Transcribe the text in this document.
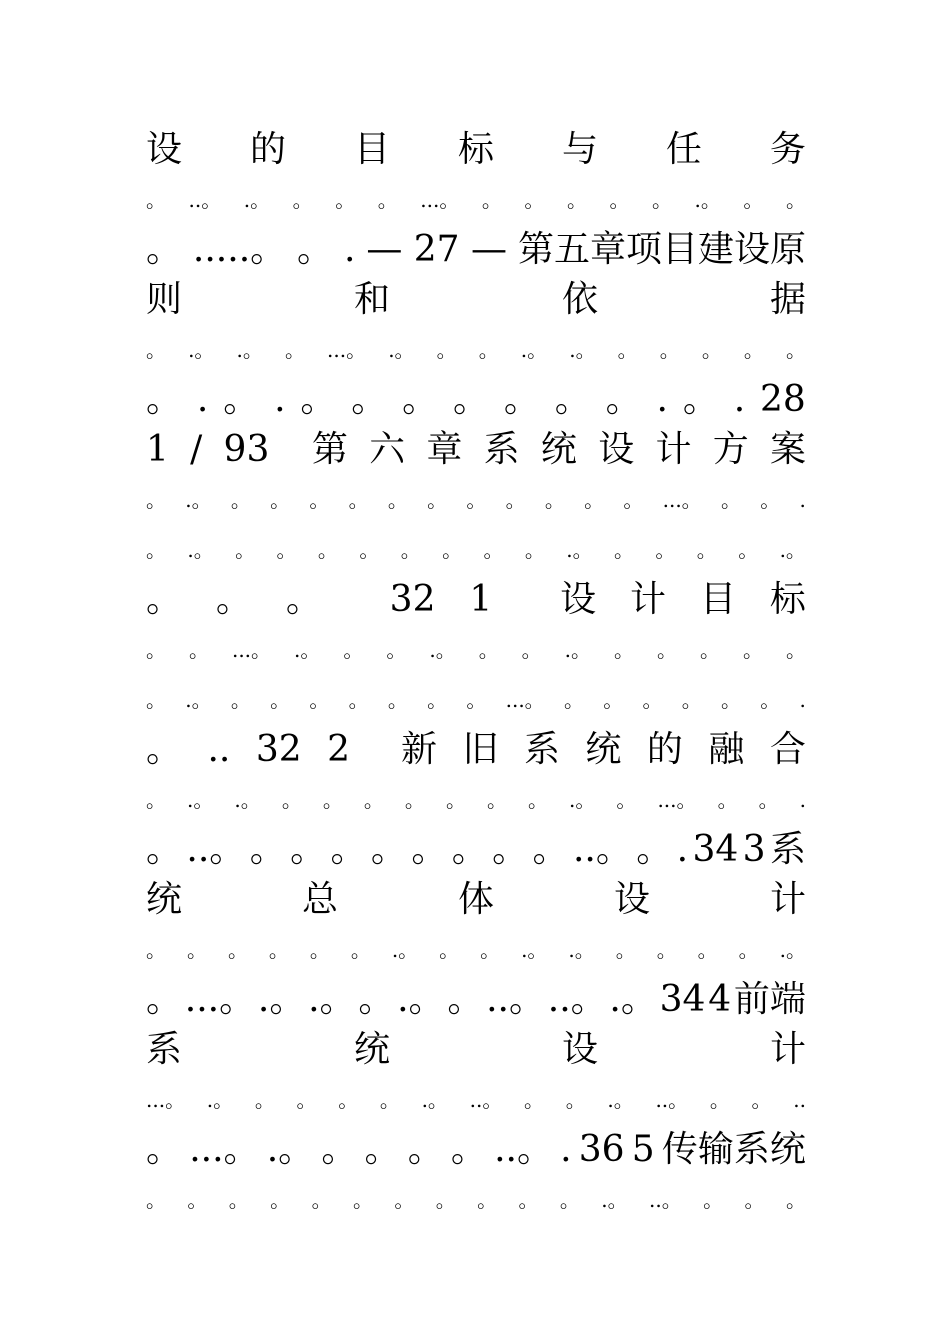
设 的 目 标 与 任 务
。 ..。 .。 。 。 。 ...。 。 。 。 。 。 .。 。 。
。 .....。 。 . — 27 — 第五章项目建设原
则	和	依	据
。 .。 .。 。 ...。 .。 。 。 .。 .。 。 。 。 。 。
。 . 。 . 。 。 。 。 。 。 。 . 。 . 28
1 / 93 第 六 章 系 统 设 计 方 案
。 .。 。 。 。 。 。 。 。 。 。 。 。 ...。 。 。 .
。 .。 。 。 。 。 。 。 。 。 .。 。 。 。 。 .。
。 。 。 32 1 设 计 目 标
。 。 ...。 .。 。 。 .。 。 。 .。 。 。 。 。 。
。 .。 。 。 。 。 。 。 。 ...。 。 。 。 。 。 。 .
。 .. 32 2 新 旧 系 统 的 融 合
。 .。 .。 。 。 。 。 。 。 。 .。 。 ...。 。 。 .
。 ..。 。 。 。 。 。 。 。 。 ..。 。 . 34 3 系
统	总	体	设	计
。 。 。 。 。 。 .。 。 。 .。 .。 。 。 。 。 .。
。 ...。 .。 .。 。 .。 。 ..。 ..。 .。 34 4 前端
系	统	设	计
...。 .。 。 。 。 。 .。 ..。 。 。 .。 ..。 。 。 ..
。 ...。 .。 。 。 。 。 ..。 . 36 5 传输系统
。 。 。 。 。 。 。 。 。 。 。 .。 ..。 。 。 。
